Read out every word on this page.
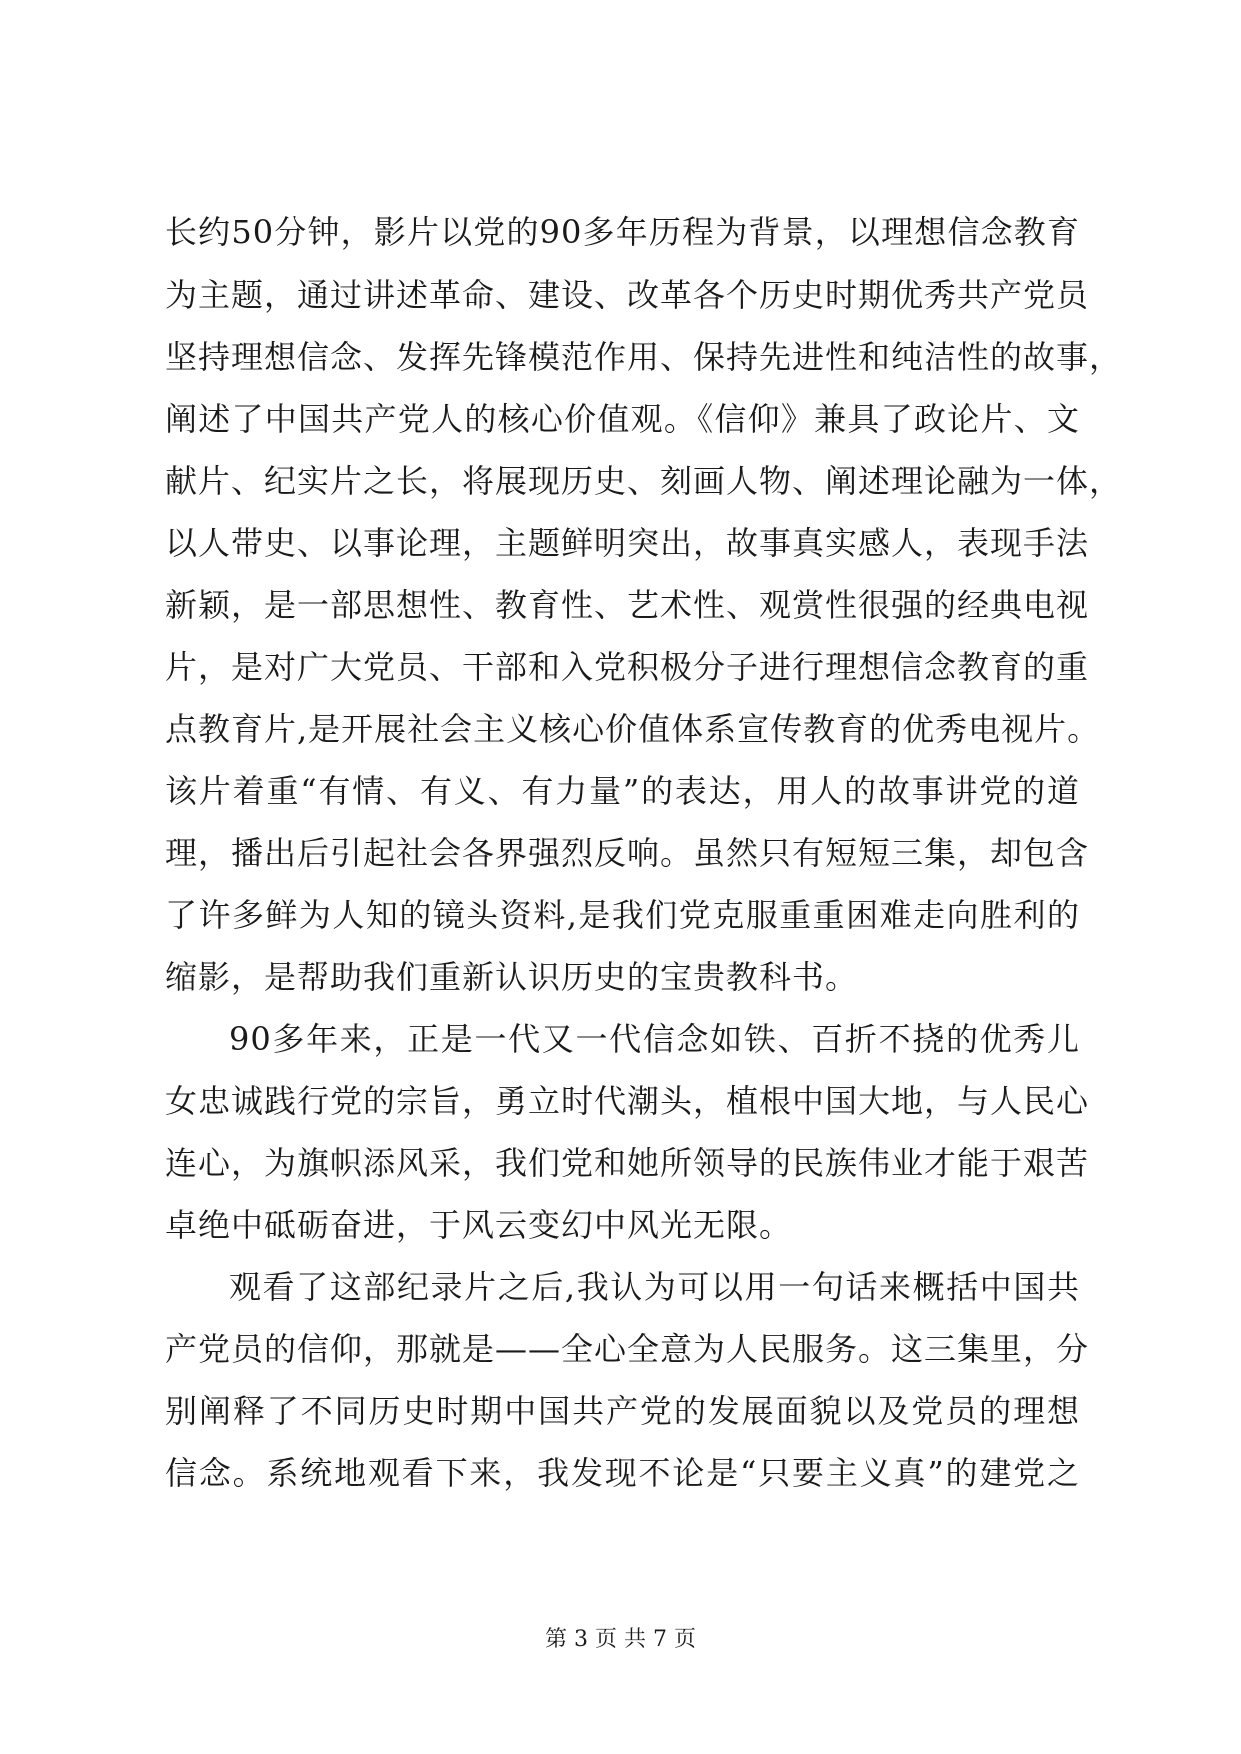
长约50分钟，影片以党的90多年历程为背景，以理想信念教育
为主题，通过讲述革命、建设、改革各个历史时期优秀共产党员
坚持理想信念、发挥先锋模范作用、保持先进性和纯洁性的故事，
阐述了中国共产党人的核心价值观。《信仰》兼具了政论片、文
献片、纪实片之长，将展现历史、刻画人物、阐述理论融为一体，
以人带史、以事论理，主题鲜明突出，故事真实感人，表现手法
新颖，是一部思想性、教育性、艺术性、观赏性很强的经典电视
片，是对广大党员、干部和入党积极分子进行理想信念教育的重
点教育片,是开展社会主义核心价值体系宣传教育的优秀电视片。
该片着重“有情、有义、有力量”的表达，用人的故事讲党的道
理，播出后引起社会各界强烈反响。虽然只有短短三集，却包含
了许多鲜为人知的镜头资料,是我们党克服重重困难走向胜利的
缩影，是帮助我们重新认识历史的宝贵教科书。
90多年来，正是一代又一代信念如铁、百折不挠的优秀儿
女忠诚践行党的宗旨，勇立时代潮头，植根中国大地，与人民心
连心，为旗帜添风采，我们党和她所领导的民族伟业才能于艰苦
卓绝中砥砺奋进，于风云变幻中风光无限。
观看了这部纪录片之后,我认为可以用一句话来概括中国共
产党员的信仰，那就是——全心全意为人民服务。这三集里，分
别阐释了不同历史时期中国共产党的发展面貌以及党员的理想
信念。系统地观看下来，我发现不论是“只要主义真”的建党之
第 3 页 共 7 页
